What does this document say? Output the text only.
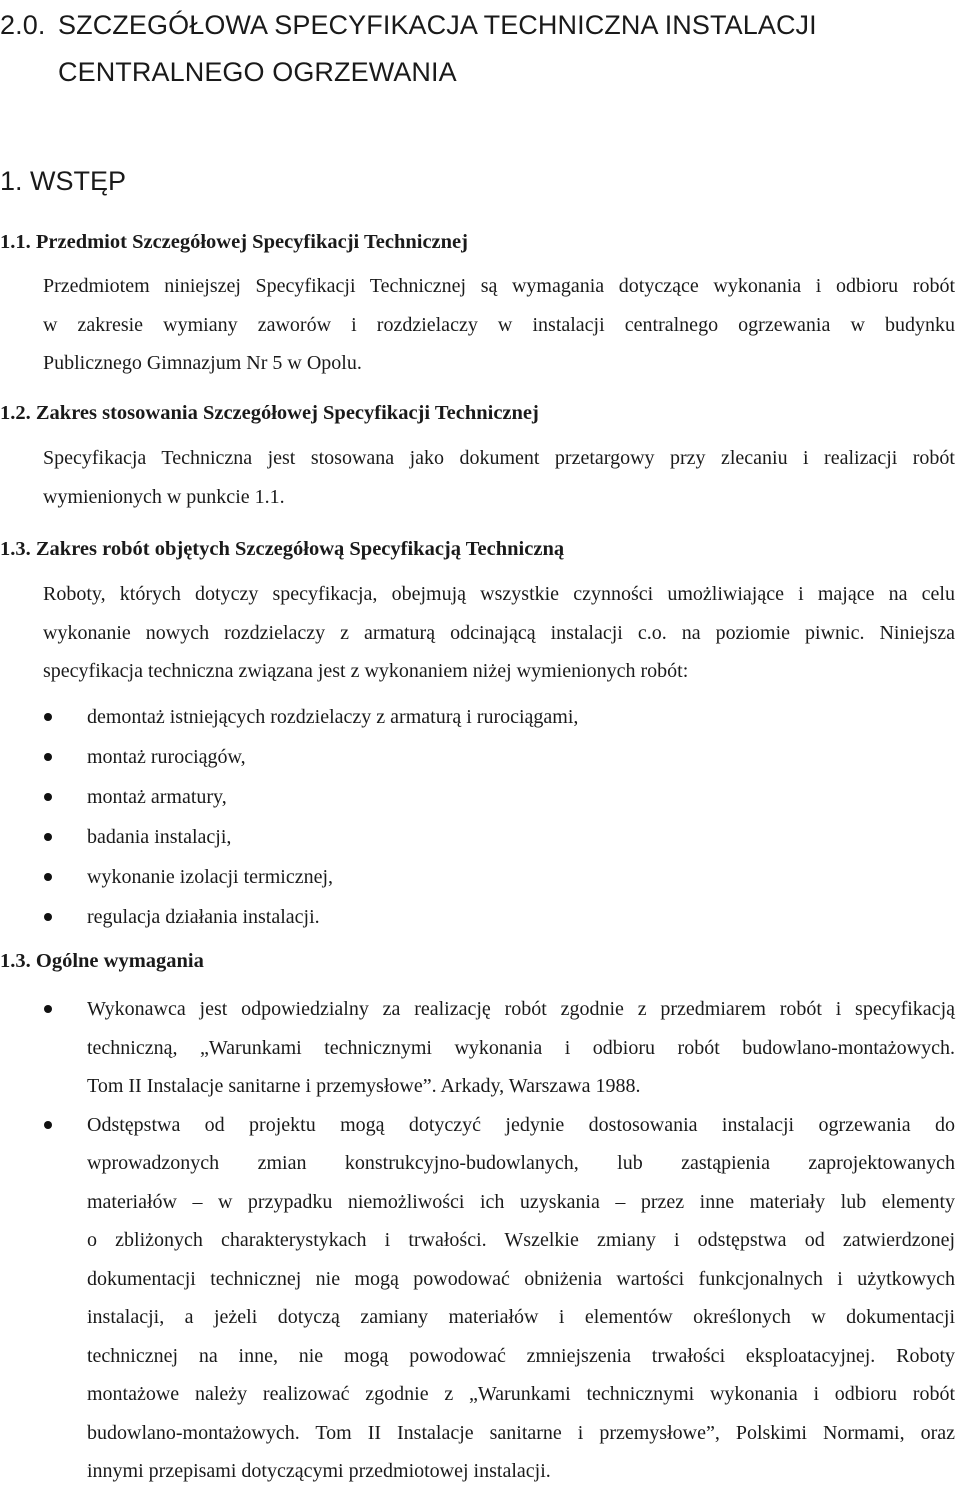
2.0. SZCZEGÓŁOWA SPECYFIKACJA TECHNICZNA INSTALACJI
CENTRALNEGO OGRZEWANIA
1. WSTĘP
1.1. Przedmiot Szczegółowej Specyfikacji Technicznej
Przedmiotem niniejszej Specyfikacji Technicznej są wymagania dotyczące wykonania i odbioru robót
w zakresie wymiany zaworów i rozdzielaczy w instalacji centralnego ogrzewania w budynku
Publicznego Gimnazjum Nr 5 w Opolu.
1.2. Zakres stosowania Szczegółowej Specyfikacji Technicznej
Specyfikacja Techniczna jest stosowana jako dokument przetargowy przy zlecaniu i realizacji robót
wymienionych w punkcie 1.1.
1.3. Zakres robót objętych Szczegółową Specyfikacją Techniczną
Roboty, których dotyczy specyfikacja, obejmują wszystkie czynności umożliwiające i mające na celu
wykonanie nowych rozdzielaczy z armaturą odcinającą instalacji c.o. na poziomie piwnic. Niniejsza
specyfikacja techniczna związana jest z wykonaniem niżej wymienionych robót:
demontaż istniejących rozdzielaczy z armaturą i rurociągami,
montaż rurociągów,
montaż armatury,
badania instalacji,
wykonanie izolacji termicznej,
regulacja działania instalacji.
1.3. Ogólne wymagania
Wykonawca jest odpowiedzialny za realizację robót zgodnie z przedmiarem robót i specyfikacją
techniczną, „Warunkami technicznymi wykonania i odbioru robót budowlano-montażowych.
Tom II Instalacje sanitarne i przemysłowe”. Arkady, Warszawa 1988.
Odstępstwa od projektu mogą dotyczyć jedynie dostosowania instalacji ogrzewania do
wprowadzonych zmian konstrukcyjno-budowlanych, lub zastąpienia zaprojektowanych
materiałów – w przypadku niemożliwości ich uzyskania – przez inne materiały lub elementy
o zbliżonych charakterystykach i trwałości. Wszelkie zmiany i odstępstwa od zatwierdzonej
dokumentacji technicznej nie mogą powodować obniżenia wartości funkcjonalnych i użytkowych
instalacji, a jeżeli dotyczą zamiany materiałów i elementów określonych w dokumentacji
technicznej na inne, nie mogą powodować zmniejszenia trwałości eksploatacyjnej. Roboty
montażowe należy realizować zgodnie z „Warunkami technicznymi wykonania i odbioru robót
budowlano-montażowych. Tom II Instalacje sanitarne i przemysłowe”, Polskimi Normami, oraz
innymi przepisami dotyczącymi przedmiotowej instalacji.
